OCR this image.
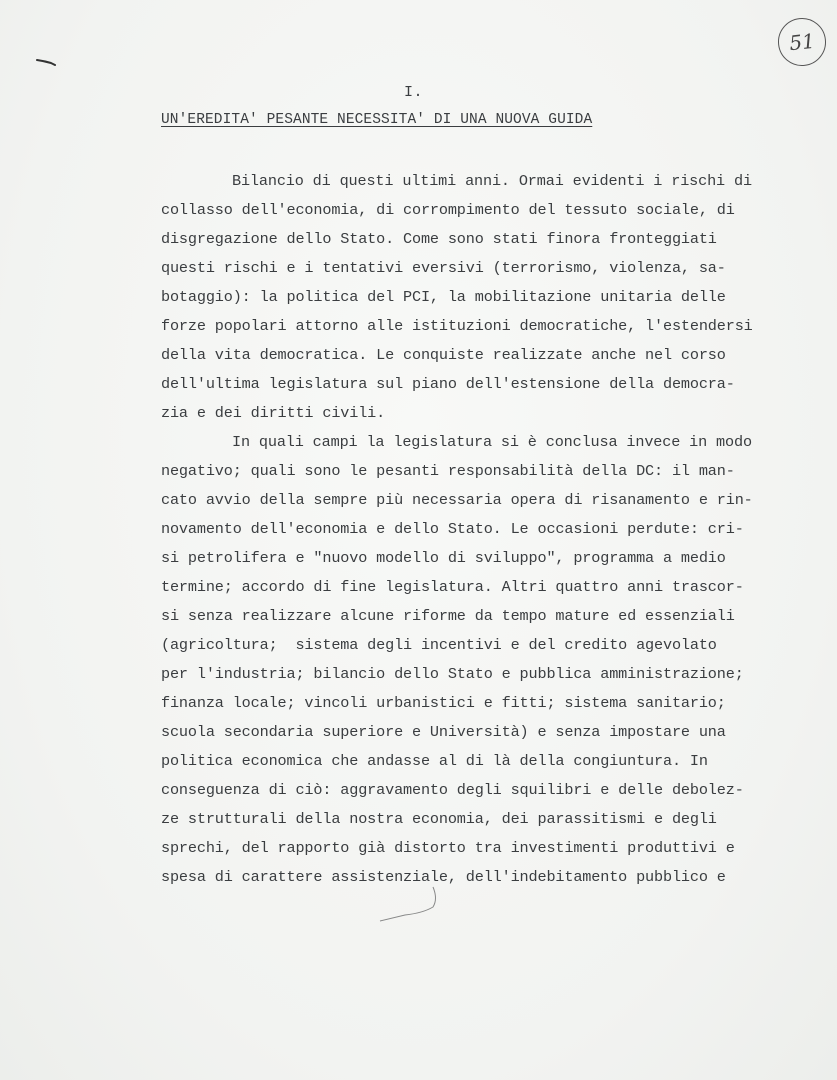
51
I.
UN'EREDITA' PESANTE NECESSITA' DI UNA NUOVA GUIDA
Bilancio di questi ultimi anni. Ormai evidenti i rischi di
collasso dell'economia, di corrompimento del tessuto sociale, di
disgregazione dello Stato. Come sono stati finora fronteggiati
questi rischi e i tentativi eversivi (terrorismo, violenza, sa-
botaggio): la politica del PCI, la mobilitazione unitaria delle
forze popolari attorno alle istituzioni democratiche, l'estendersi
della vita democratica. Le conquiste realizzate anche nel corso
dell'ultima legislatura sul piano dell'estensione della democra-
zia e dei diritti civili.
In quali campi la legislatura si è conclusa invece in modo
negativo; quali sono le pesanti responsabilità della DC: il man-
cato avvio della sempre più necessaria opera di risanamento e rin-
novamento dell'economia e dello Stato. Le occasioni perdute: cri-
si petrolifera e "nuovo modello di sviluppo", programma a medio
termine; accordo di fine legislatura. Altri quattro anni trascor-
si senza realizzare alcune riforme da tempo mature ed essenziali
(agricoltura;  sistema degli incentivi e del credito agevolato
per l'industria; bilancio dello Stato e pubblica amministrazione;
finanza locale; vincoli urbanistici e fitti; sistema sanitario;
scuola secondaria superiore e Università) e senza impostare una
politica economica che andasse al di là della congiuntura. In
conseguenza di ciò: aggravamento degli squilibri e delle debolez-
ze strutturali della nostra economia, dei parassitismi e degli
sprechi, del rapporto già distorto tra investimenti produttivi e
spesa di carattere assistenziale, dell'indebitamento pubblico e
